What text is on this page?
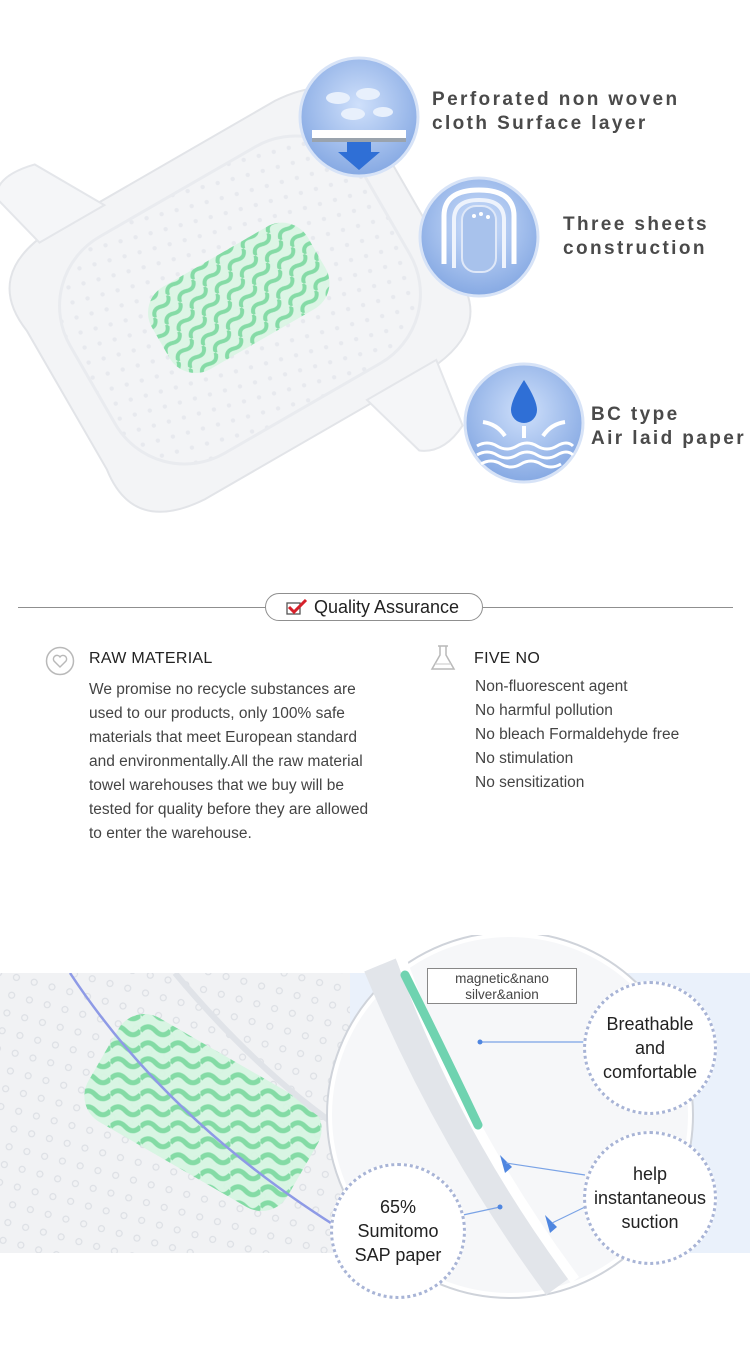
Perforated non woven
cloth Surface layer
Three sheets
construction
BC type
Air laid paper
Quality Assurance
RAW MATERIAL
We promise no recycle substances are used to our products, only 100% safe materials that meet European standard and environmentally.All the raw material towel warehouses that we buy will be tested for quality before they are allowed to enter the warehouse.
FIVE NO
Non-fluorescent agent
No harmful pollution
No bleach Formaldehyde free
No stimulation
No sensitization
magnetic&nano
silver&anion
Breathable
and
comfortable
help
instantaneous
suction
65%
Sumitomo
SAP paper
